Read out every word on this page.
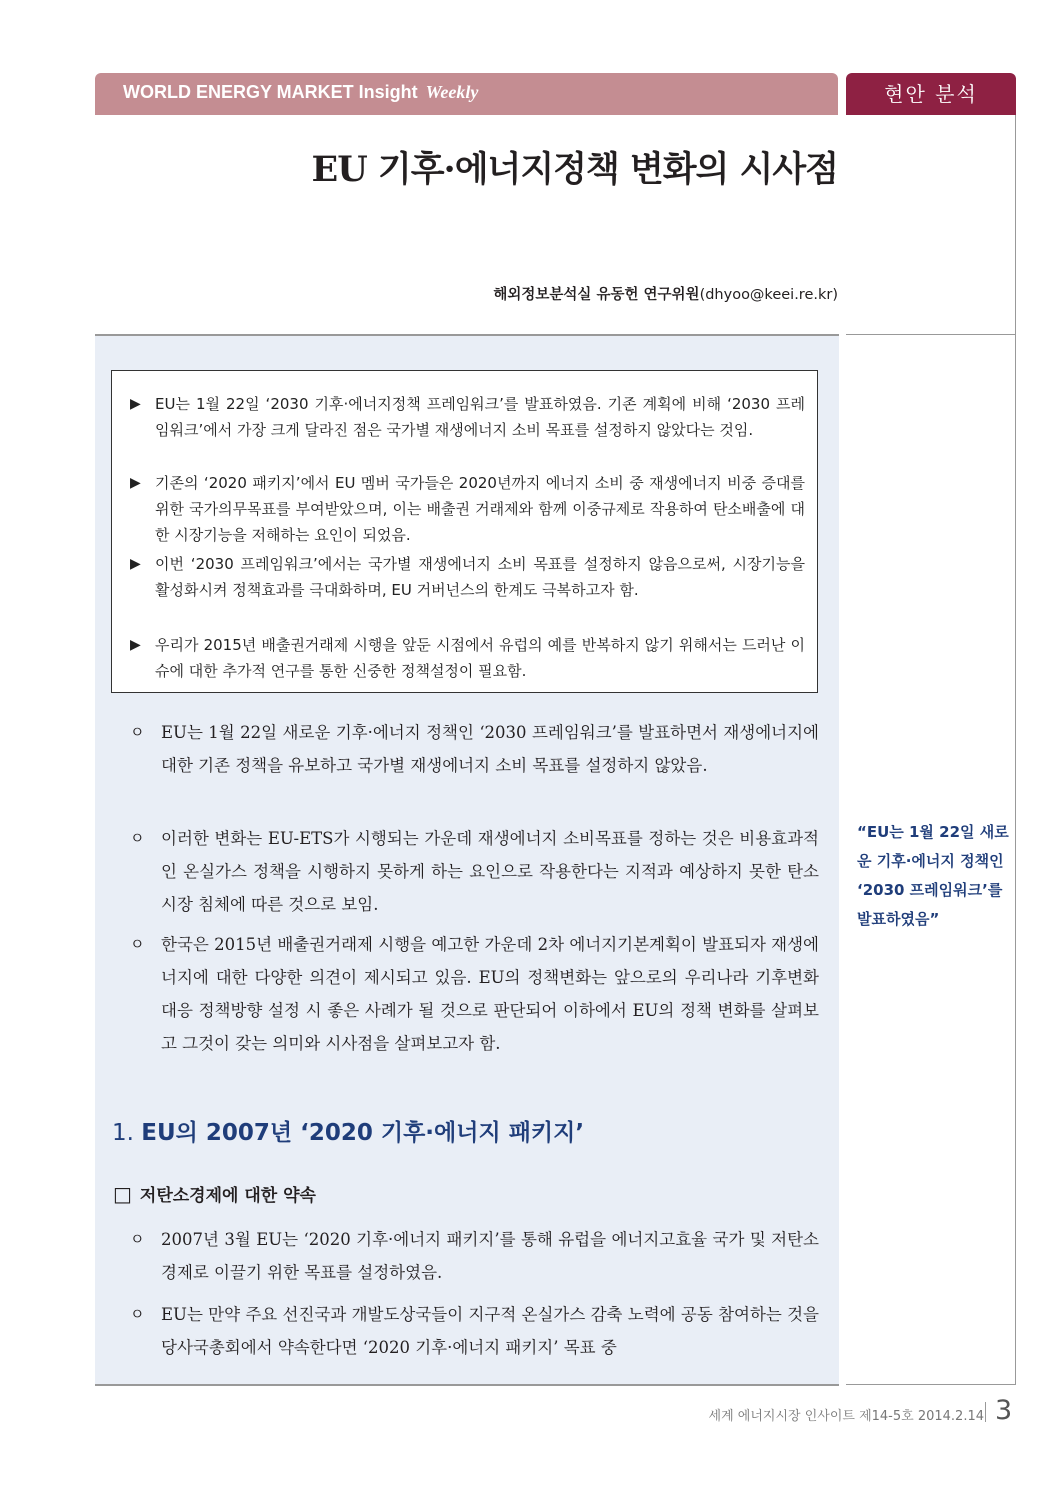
WORLD ENERGY MARKET Insight Weekly	현안 분석
EU 기후·에너지정책 변화의 시사점
해외정보분석실 유동헌 연구위원(dhyoo@keei.re.kr)
▶ EU는 1월 22일 ‘2030 기후·에너지정책 프레임워크’를 발표하였음. 기존 계획에 비해 ‘2030 프레임워크’에서 가장 크게 달라진 점은 국가별 재생에너지 소비 목표를 설정하지 않았다는 것임.
▶ 기존의 ‘2020 패키지’에서 EU 멤버 국가들은 2020년까지 에너지 소비 중 재생에너지 비중 증대를 위한 국가의무목표를 부여받았으며, 이는 배출권 거래제와 함께 이중규제로 작용하여 탄소배출에 대한 시장기능을 저해하는 요인이 되었음.
▶ 이번 ‘2030 프레임워크’에서는 국가별 재생에너지 소비 목표를 설정하지 않음으로써, 시장기능을 활성화시켜 정책효과를 극대화하며, EU 거버넌스의 한계도 극복하고자 함.
▶ 우리가 2015년 배출권거래제 시행을 앞둔 시점에서 유럽의 예를 반복하지 않기 위해서는 드러난 이슈에 대한 추가적 연구를 통한 신중한 정책설정이 필요함.
ㅇ EU는 1월 22일 새로운 기후·에너지 정책인 ‘2030 프레임워크’를 발표하면서 재생에너지에 대한 기존 정책을 유보하고 국가별 재생에너지 소비 목표를 설정하지 않았음.
ㅇ 이러한 변화는 EU-ETS가 시행되는 가운데 재생에너지 소비목표를 정하는 것은 비용효과적인 온실가스 정책을 시행하지 못하게 하는 요인으로 작용한다는 지적과 예상하지 못한 탄소시장 침체에 따른 것으로 보임.
ㅇ 한국은 2015년 배출권거래제 시행을 예고한 가운데 2차 에너지기본계획이 발표되자 재생에너지에 대한 다양한 의견이 제시되고 있음. EU의 정책변화는 앞으로의 우리나라 기후변화 대응 정책방향 설정 시 좋은 사례가 될 것으로 판단되어 이하에서 EU의 정책 변화를 살펴보고 그것이 갖는 의미와 시사점을 살펴보고자 함.
1. EU의 2007년 ‘2020 기후·에너지 패키지’
□ 저탄소경제에 대한 약속
ㅇ 2007년 3월 EU는 ‘2020 기후·에너지 패키지’를 통해 유럽을 에너지고효율 국가 및 저탄소경제로 이끌기 위한 목표를 설정하였음.
ㅇ EU는 만약 주요 선진국과 개발도상국들이 지구적 온실가스 감축 노력에 공동 참여하는 것을 당사국총회에서 약속한다면 ‘2020 기후·에너지 패키지’ 목표 중
“EU는 1월 22일 새로운 기후·에너지 정책인 ‘2030 프레임워크’를 발표하였음”
세계 에너지시장 인사이트 제14-5호 2014.2.14 3
